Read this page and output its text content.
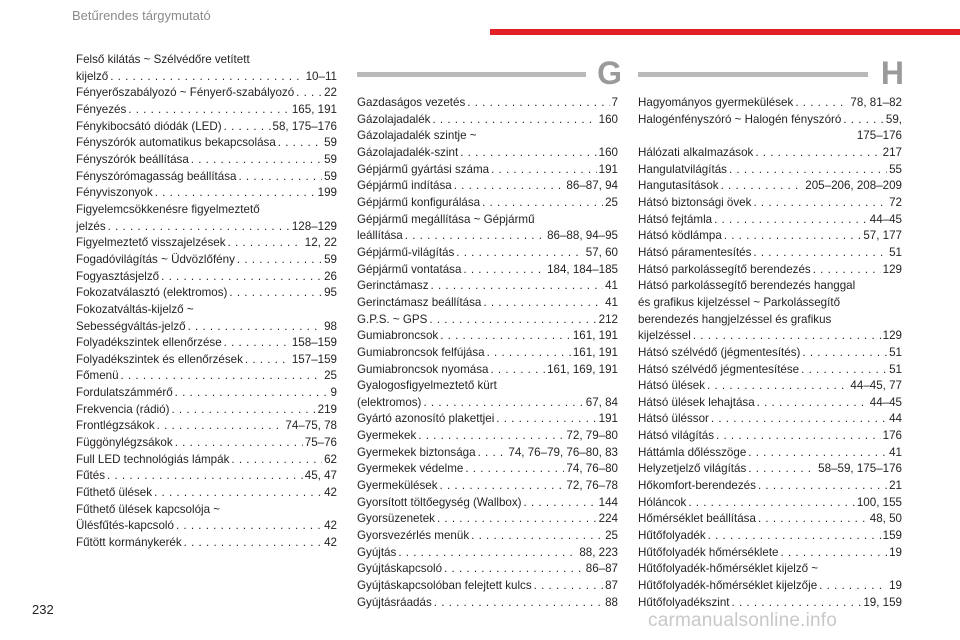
Betűrendes tárgymutató
G	H
Felső kilátás ~ Szélvédőre vetített
kijelző . . .	10–11
Fényerőszabályozó ~ Fényerő-szabályozó . . .	22
Fényezés . . .	165, 191
Fénykibocsátó diódák (LED) . . .	58, 175–176
Fényszórók automatikus bekapcsolása . . .	59
Fényszórók beállítása . . .	59
Fényszórómagasság beállítása . . .	59
Fényviszonyok . . .	199
Figyelemcsökkenésre figyelmeztető
jelzés . . .	128–129
Figyelmeztető visszajelzések . . .	12, 22
Fogadóvilágítás ~ Üdvözlőfény . . .	59
Fogyasztásjelző . . .	26
Fokozatválasztó (elektromos) . . .	95
Fokozatváltás-kijelző ~
Sebességváltás-jelző . . .	98
Folyadékszintek ellenőrzése . . .	158–159
Folyadékszintek és ellenőrzések . . .	157–159
Főmenü . . .	25
Fordulatszámmérő . . .	9
Frekvencia (rádió) . . .	219
Frontlégzsákok . . .	74–75, 78
Függönylégzsákok . . .	75–76
Full LED technológiás lámpák . . .	62
Fűtés . . .	45, 47
Fűthető ülések . . .	42
Fűthető ülések kapcsolója ~
Ülésfűtés-kapcsoló . . .	42
Fűtött kormánykerék . . .	42
Gazdaságos vezetés . . .	7
Gázolajadalék . . .	160
Gázolajadalék szintje ~
Gázolajadalék-szint . . .	160
Gépjármű gyártási száma . . .	191
Gépjármű indítása . . .	86–87, 94
Gépjármű konfigurálása . . .	25
Gépjármű megállítása ~ Gépjármű
leállítása . . .	86–88, 94–95
Gépjármű-világítás . . .	57, 60
Gépjármű vontatása . . .	184, 184–185
Gerinctámasz . . .	41
Gerinctámasz beállítása . . .	41
G.P.S. ~ GPS . . .	212
Gumiabroncsok . . .	161, 191
Gumiabroncsok felfújása . . .	161, 191
Gumiabroncsok nyomása . . .	161, 169, 191
Gyalogosfigyelmeztető kürt
(elektromos) . . .	67, 84
Gyártó azonosító plakettjei . . .	191
Gyermekek . . .	72, 79–80
Gyermekek biztonsága . . .	74, 76–79, 76–80, 83
Gyermekek védelme . . .	74, 76–80
Gyermekülések . . .	72, 76–78
Gyorsított töltőegység (Wallbox) . . .	144
Gyorsüzenetek . . .	224
Gyorsvezérlés menük . . .	25
Gyújtás . . .	88, 223
Gyújtáskapcsoló . . .	86–87
Gyújtáskapcsolóban felejtett kulcs . . .	87
Gyújtásráadás . . .	88
Hagyományos gyermekülések . . .	78, 81–82
Halogénfényszóró ~ Halogén fényszóró . . .	59,
175–176
Hálózati alkalmazások . . .	217
Hangulatvilágítás . . .	55
Hangutasítások . . .	205–206, 208–209
Hátsó biztonsági övek . . .	72
Hátsó fejtámla . . .	44–45
Hátsó ködlámpa . . .	57, 177
Hátsó páramentesítés . . .	51
Hátsó parkolássegítő berendezés . . .	129
Hátsó parkolássegítő berendezés hanggal
és grafikus kijelzéssel ~ Parkolássegítő
berendezés hangjelzéssel és grafikus
kijelzéssel . . .	129
Hátsó szélvédő (jégmentesítés) . . .	51
Hátsó szélvédő jégmentesítése . . .	51
Hátsó ülések . . .	44–45, 77
Hátsó ülések lehajtása . . .	44–45
Hátsó üléssor . . .	44
Hátsó világítás . . .	176
Háttámla dőlésszöge . . .	41
Helyzetjelző világítás . . .	58–59, 175–176
Hőkomfort-berendezés . . .	21
Hóláncok . . .	100, 155
Hőmérséklet beállítása . . .	48, 50
Hűtőfolyadék . . .	159
Hűtőfolyadék hőmérséklete . . .	19
Hűtőfolyadék-hőmérséklet kijelző ~
Hűtőfolyadék-hőmérséklet kijelzője . . .	19
Hűtőfolyadékszint . . .	19, 159
232
carmanualsonline.info
